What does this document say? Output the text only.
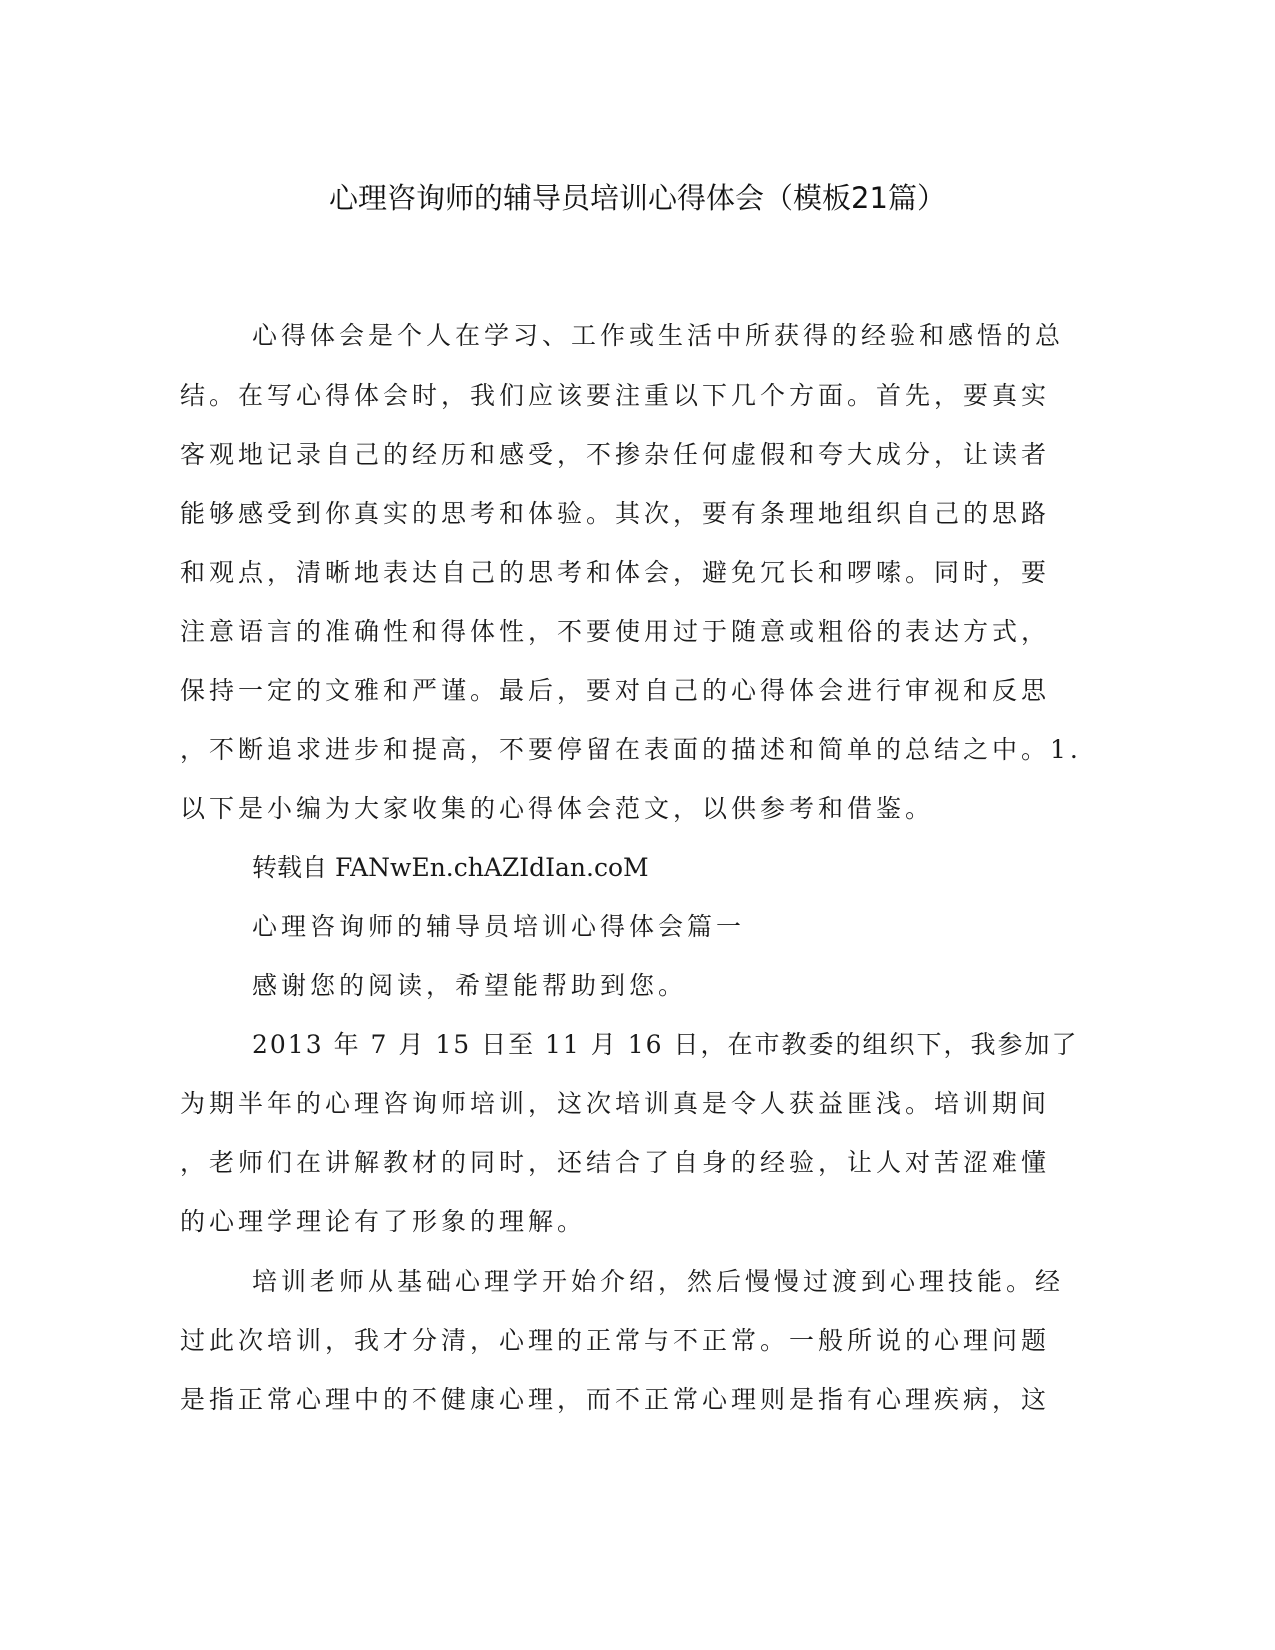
心理咨询师的辅导员培训心得体会（模板21篇）
心得体会是个人在学习、工作或生活中所获得的经验和感悟的总
结。在写心得体会时，我们应该要注重以下几个方面。首先，要真实
客观地记录自己的经历和感受，不掺杂任何虚假和夸大成分，让读者
能够感受到你真实的思考和体验。其次，要有条理地组织自己的思路
和观点，清晰地表达自己的思考和体会，避免冗长和啰嗦。同时，要
注意语言的准确性和得体性，不要使用过于随意或粗俗的表达方式，
保持一定的文雅和严谨。最后，要对自己的心得体会进行审视和反思
，不断追求进步和提高，不要停留在表面的描述和简单的总结之中。1.
以下是小编为大家收集的心得体会范文，以供参考和借鉴。
转载自 FANwEn.chAZIdIan.coM
心理咨询师的辅导员培训心得体会篇一
感谢您的阅读，希望能帮助到您。
2013 年 7 月 15 日至 11 月 16 日，在市教委的组织下，我参加了
为期半年的心理咨询师培训，这次培训真是令人获益匪浅。培训期间
，老师们在讲解教材的同时，还结合了自身的经验，让人对苦涩难懂
的心理学理论有了形象的理解。
培训老师从基础心理学开始介绍，然后慢慢过渡到心理技能。经
过此次培训，我才分清，心理的正常与不正常。一般所说的心理问题
是指正常心理中的不健康心理，而不正常心理则是指有心理疾病，这
